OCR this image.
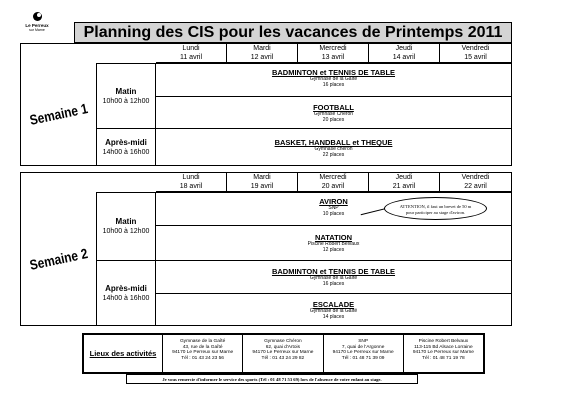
Le Perreux
sur Marne	Planning des CIS pour les vacances de Printemps 2011
Lundi
11 avril
Mardi
12 avril
Mercredi
13 avril
Jeudi
14 avril
Vendredi
15 avril
Semaine 1
Matin
10h00 à 12h00
BADMINTON et TENNIS DE TABLE
Gymnase de la Gaîté
16 places
FOOTBALL
Gymnase Chéron
20 places
Après-midi
14h00 à 16h00
BASKET, HANDBALL et THEQUE
Gymnase chéron
22 places
Lundi
18 avril
Mardi
19 avril
Mercredi
20 avril
Jeudi
21 avril
Vendredi
22 avril
Semaine 2
Matin
10h00 à 12h00
AVIRON
SNP
10 places
NATATION
Piscine Robert Belvaux
12 places
Après-midi
14h00 à 16h00
BADMINTON et TENNIS DE TABLE
Gymnase de la Gaîté
16 places
ESCALADE
Gymnase de la Gaîté
14 places
ATTENTION, il faut un brevet de 50 m
pour participer au stage d'aviron.
Lieux des activités
Gymnase de la Gaîté
43, rue de la Gaîté
94170 Le Perreux sur Marne
Tél : 01 43 24 23 56
Gymnase Chéron
62, quai d'Artois
94170 Le Perreux sur Marne
Tél : 01 43 24 29 82
SNP
7, quai de l'Argonne
94170 Le Perreux sur Marne
Tél : 01 48 71 39 09
Piscine Robert Belvaux
113-115 Bd Alsace Lorraine
94170 Le Perreux sur Marne
Tél : 01 48 71 19 78
Je vous remercie d'informer le service des sports (Tél : 01 48 71 53 69) lors de l'absence de votre enfant au stage.
